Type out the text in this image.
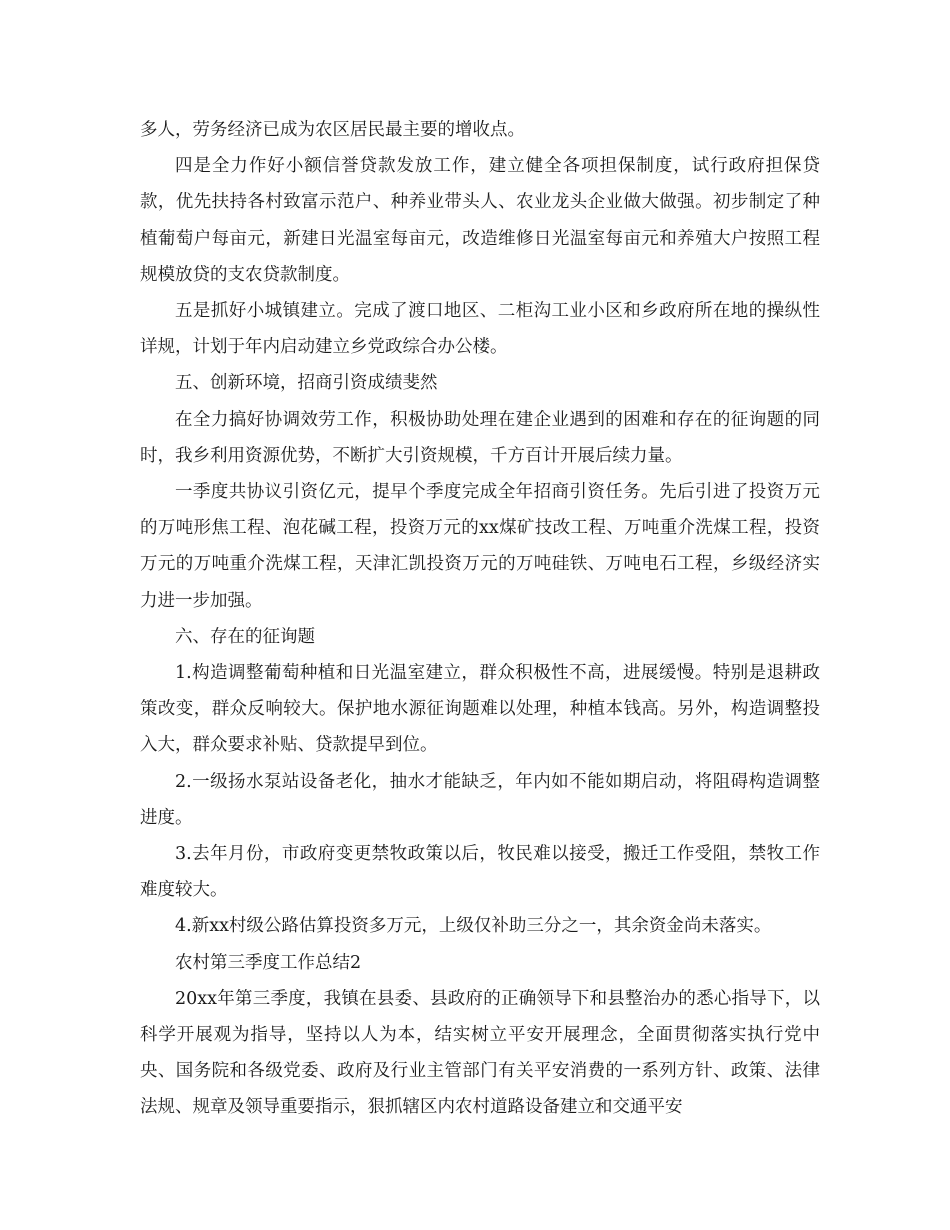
多人，劳务经济已成为农区居民最主要的增收点。

四是全力作好小额信誉贷款发放工作，建立健全各项担保制度，试行政府担保贷款，优先扶持各村致富示范户、种养业带头人、农业龙头企业做大做强。初步制定了种植葡萄户每亩元，新建日光温室每亩元，改造维修日光温室每亩元和养殖大户按照工程规模放贷的支农贷款制度。

五是抓好小城镇建立。完成了渡口地区、二柜沟工业小区和乡政府所在地的操纵性详规，计划于年内启动建立乡党政综合办公楼。

五、创新环境，招商引资成绩斐然

在全力搞好协调效劳工作，积极协助处理在建企业遇到的困难和存在的征询题的同时，我乡利用资源优势，不断扩大引资规模，千方百计开展后续力量。

一季度共协议引资亿元，提早个季度完成全年招商引资任务。先后引进了投资万元的万吨形焦工程、泡花碱工程，投资万元的xx煤矿技改工程、万吨重介洗煤工程，投资万元的万吨重介洗煤工程，天津汇凯投资万元的万吨硅铁、万吨电石工程，乡级经济实力进一步加强。

六、存在的征询题

1.构造调整葡萄种植和日光温室建立，群众积极性不高，进展缓慢。特别是退耕政策改变，群众反响较大。保护地水源征询题难以处理，种植本钱高。另外，构造调整投入大，群众要求补贴、贷款提早到位。

2.一级扬水泵站设备老化，抽水才能缺乏，年内如不能如期启动，将阻碍构造调整进度。

3.去年月份，市政府变更禁牧政策以后，牧民难以接受，搬迁工作受阻，禁牧工作难度较大。

4.新xx村级公路估算投资多万元，上级仅补助三分之一，其余资金尚未落实。

农村第三季度工作总结2

20xx年第三季度，我镇在县委、县政府的正确领导下和县整治办的悉心指导下，以科学开展观为指导，坚持以人为本，结实树立平安开展理念，全面贯彻落实执行党中央、国务院和各级党委、政府及行业主管部门有关平安消费的一系列方针、政策、法律法规、规章及领导重要指示，狠抓辖区内农村道路设备建立和交通平安
